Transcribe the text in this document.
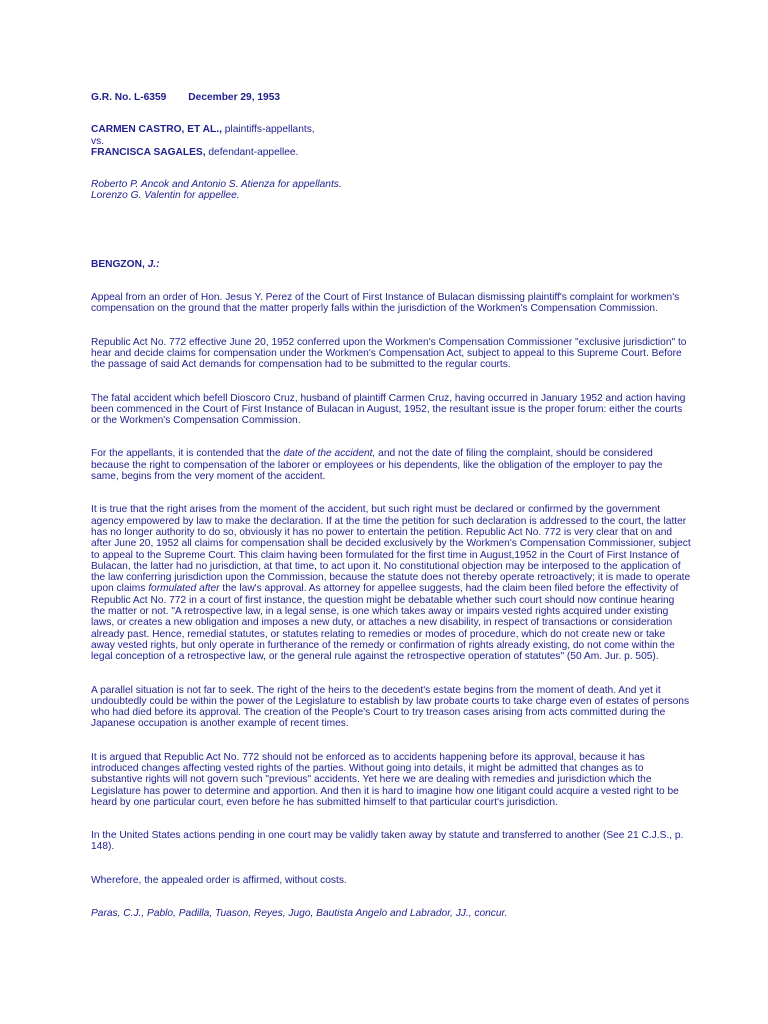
G.R. No. L-6359 December 29, 1953
CARMEN CASTRO, ET AL., plaintiffs-appellants,
vs.
FRANCISCA SAGALES, defendant-appellee.
Roberto P. Ancok and Antonio S. Atienza for appellants.
Lorenzo G. Valentin for appellee.
BENGZON, J.:

Appeal from an order of Hon. Jesus Y. Perez of the Court of First Instance of Bulacan dismissing plaintiff's complaint for workmen's compensation on the ground that the matter properly falls within the jurisdiction of the Workmen's Compensation Commission.

Republic Act No. 772 effective June 20, 1952 conferred upon the Workmen's Compensation Commissioner "exclusive jurisdiction" to hear and decide claims for compensation under the Workmen's Compensation Act, subject to appeal to this Supreme Court. Before the passage of said Act demands for compensation had to be submitted to the regular courts.

The fatal accident which befell Dioscoro Cruz, husband of plaintiff Carmen Cruz, having occurred in January 1952 and action having been commenced in the Court of First Instance of Bulacan in August, 1952, the resultant issue is the proper forum: either the courts or the Workmen's Compensation Commission.

For the appellants, it is contended that the date of the accident, and not the date of filing the complaint, should be considered because the right to compensation of the laborer or employees or his dependents, like the obligation of the employer to pay the same, begins from the very moment of the accident.

It is true that the right arises from the moment of the accident, but such right must be declared or confirmed by the government agency empowered by law to make the declaration. If at the time the petition for such declaration is addressed to the court, the latter has no longer authority to do so, obviously it has no power to entertain the petition. Republic Act No. 772 is very clear that on and after June 20, 1952 all claims for compensation shall be decided exclusively by the Workmen's Compensation Commissioner, subject to appeal to the Supreme Court. This claim having been formulated for the first time in August,1952 in the Court of First Instance of Bulacan, the latter had no jurisdiction, at that time, to act upon it. No constitutional objection may be interposed to the application of the law conferring jurisdiction upon the Commission, because the statute does not thereby operate retroactively; it is made to operate upon claims formulated after the law's approval. As attorney for appellee suggests, had the claim been filed before the effectivity of Republic Act No. 772 in a court of first instance, the question might be debatable whether such court should now continue hearing the matter or not. "A retrospective law, in a legal sense, is one which takes away or impairs vested rights acquired under existing laws, or creates a new obligation and imposes a new duty, or attaches a new disability, in respect of transactions or consideration already past. Hence, remedial statutes, or statutes relating to remedies or modes of procedure, which do not create new or take away vested rights, but only operate in furtherance of the remedy or confirmation of rights already existing, do not come within the legal conception of a retrospective law, or the general rule against the retrospective operation of statutes" (50 Am. Jur. p. 505).

A parallel situation is not far to seek. The right of the heirs to the decedent's estate begins from the moment of death. And yet it undoubtedly could be within the power of the Legislature to establish by law probate courts to take charge even of estates of persons who had died before its approval. The creation of the People's Court to try treason cases arising from acts committed during the Japanese occupation is another example of recent times.

It is argued that Republic Act No. 772 should not be enforced as to accidents happening before its approval, because it has introduced changes affecting vested rights of the parties. Without going into details, it might be admitted that changes as to substantive rights will not govern such "previous" accidents. Yet here we are dealing with remedies and jurisdiction which the Legislature has power to determine and apportion. And then it is hard to imagine how one litigant could acquire a vested right to be heard by one particular court, even before he has submitted himself to that particular court's jurisdiction.

In the United States actions pending in one court may be validly taken away by statute and transferred to another (See 21 C.J.S., p. 148).

Wherefore, the appealed order is affirmed, without costs.

Paras, C.J., Pablo, Padilla, Tuason, Reyes, Jugo, Bautista Angelo and Labrador, JJ., concur.
